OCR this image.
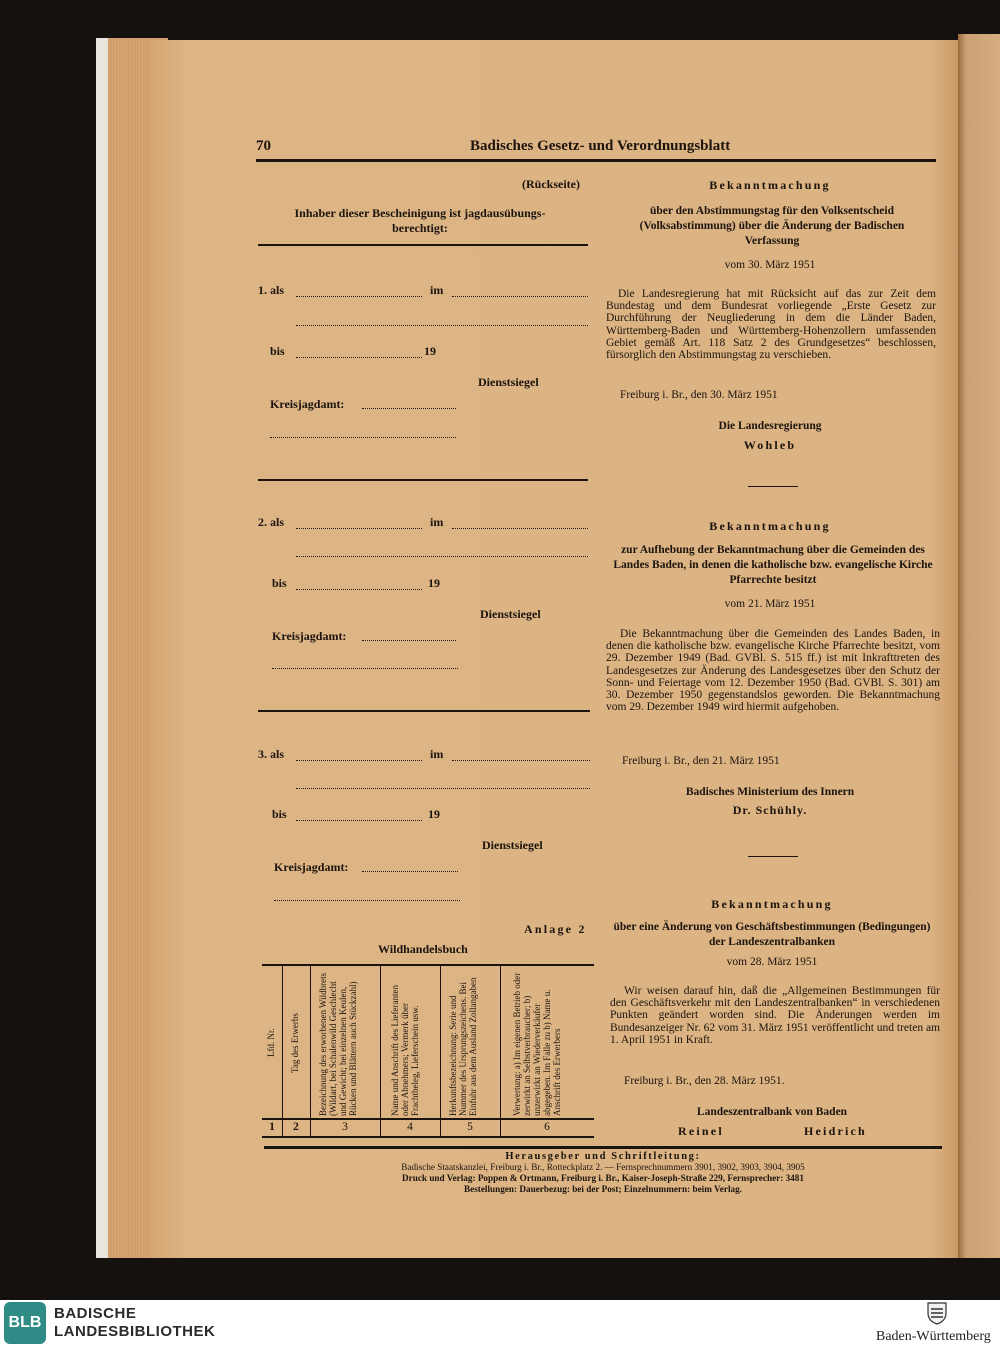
70	Badisches Gesetz- und Verordnungsblatt
(Rückseite)
Inhaber dieser Bescheinigung ist jagdausübungs-berechtigt:
1. als	im
bis	19
Dienstsiegel
Kreisjagdamt:
2. als	im
bis	19
Dienstsiegel
Kreisjagdamt:
3. als	im
bis	19
Dienstsiegel
Kreisjagdamt:
Anlage 2
Wildhandelsbuch
Lfd. Nr.	Tag des Erwerbs	Bezeichnung des erworbenen Wildbrets (Wildart, bei Schalenwild Geschlecht und Gewicht; bei einzelnen Keulen, Rücken und Blättern auch Stückzahl)	Name und Anschrift des Lieferanten oder Abnehmers; Vermerk über Frachtbeleg, Lieferschein usw.	Herkunftsbezeichnung: Serie und Nummer des Ursprungszeichens. Bei Einfuhr aus dem Ausland Zollangaben	Verwertung: a) Im eigenen Betrieb oder zerwirkt an Selbstverbraucher; b) unzerwirkt an Wiederverkäufer abgegeben. Im Falle zu b) Name u. Anschrift des Erwerbers
1	2	3	4	5	6
Bekanntmachung
über den Abstimmungstag für den Volksentscheid (Volksabstimmung) über die Änderung der Badischen Verfassung
vom 30. März 1951
Die Landesregierung hat mit Rücksicht auf das zur Zeit dem Bundestag und dem Bundesrat vorliegende „Erste Gesetz zur Durchführung der Neugliederung in dem die Länder Baden, Württemberg-Baden und Württemberg-Hohenzollern umfassenden Gebiet gemäß Art. 118 Satz 2 des Grundgesetzes“ beschlossen, fürsorglich den Abstimmungstag zu verschieben.
Freiburg i. Br., den 30. März 1951
Die Landesregierung
Wohleb
Bekanntmachung
zur Aufhebung der Bekanntmachung über die Gemeinden des Landes Baden, in denen die katholische bzw. evangelische Kirche Pfarrechte besitzt
vom 21. März 1951
Die Bekanntmachung über die Gemeinden des Landes Baden, in denen die katholische bzw. evangelische Kirche Pfarrechte besitzt, vom 29. Dezember 1949 (Bad. GVBl. S. 515 ff.) ist mit Inkrafttreten des Landesgesetzes zur Änderung des Landesgesetzes über den Schutz der Sonn- und Feiertage vom 12. Dezember 1950 (Bad. GVBl. S. 301) am 30. Dezember 1950 gegenstandslos geworden. Die Bekanntmachung vom 29. Dezember 1949 wird hiermit aufgehoben.
Freiburg i. Br., den 21. März 1951
Badisches Ministerium des Innern
Dr. Schühly.
Bekanntmachung
über eine Änderung von Geschäftsbestimmungen (Bedingungen) der Landeszentralbanken
vom 28. März 1951
Wir weisen darauf hin, daß die „Allgemeinen Bestimmungen für den Geschäftsverkehr mit den Landeszentralbanken“ in verschiedenen Punkten geändert worden sind. Die Änderungen werden im Bundesanzeiger Nr. 62 vom 31. März 1951 veröffentlicht und treten am 1. April 1951 in Kraft.
Freiburg i. Br., den 28. März 1951.
Landeszentralbank von Baden
Reinel	Heidrich
Herausgeber und Schriftleitung:
Badische Staatskanzlei, Freiburg i. Br., Rotteckplatz 2. — Fernsprechnummern 3901, 3902, 3903, 3904, 3905
Druck und Verlag: Poppen & Ortmann, Freiburg i. Br., Kaiser-Joseph-Straße 229, Fernsprecher: 3481
Bestellungen: Dauerbezug: bei der Post; Einzelnummern: beim Verlag.
BLB
BADISCHE
LANDESBIBLIOTHEK	Baden-Württemberg
